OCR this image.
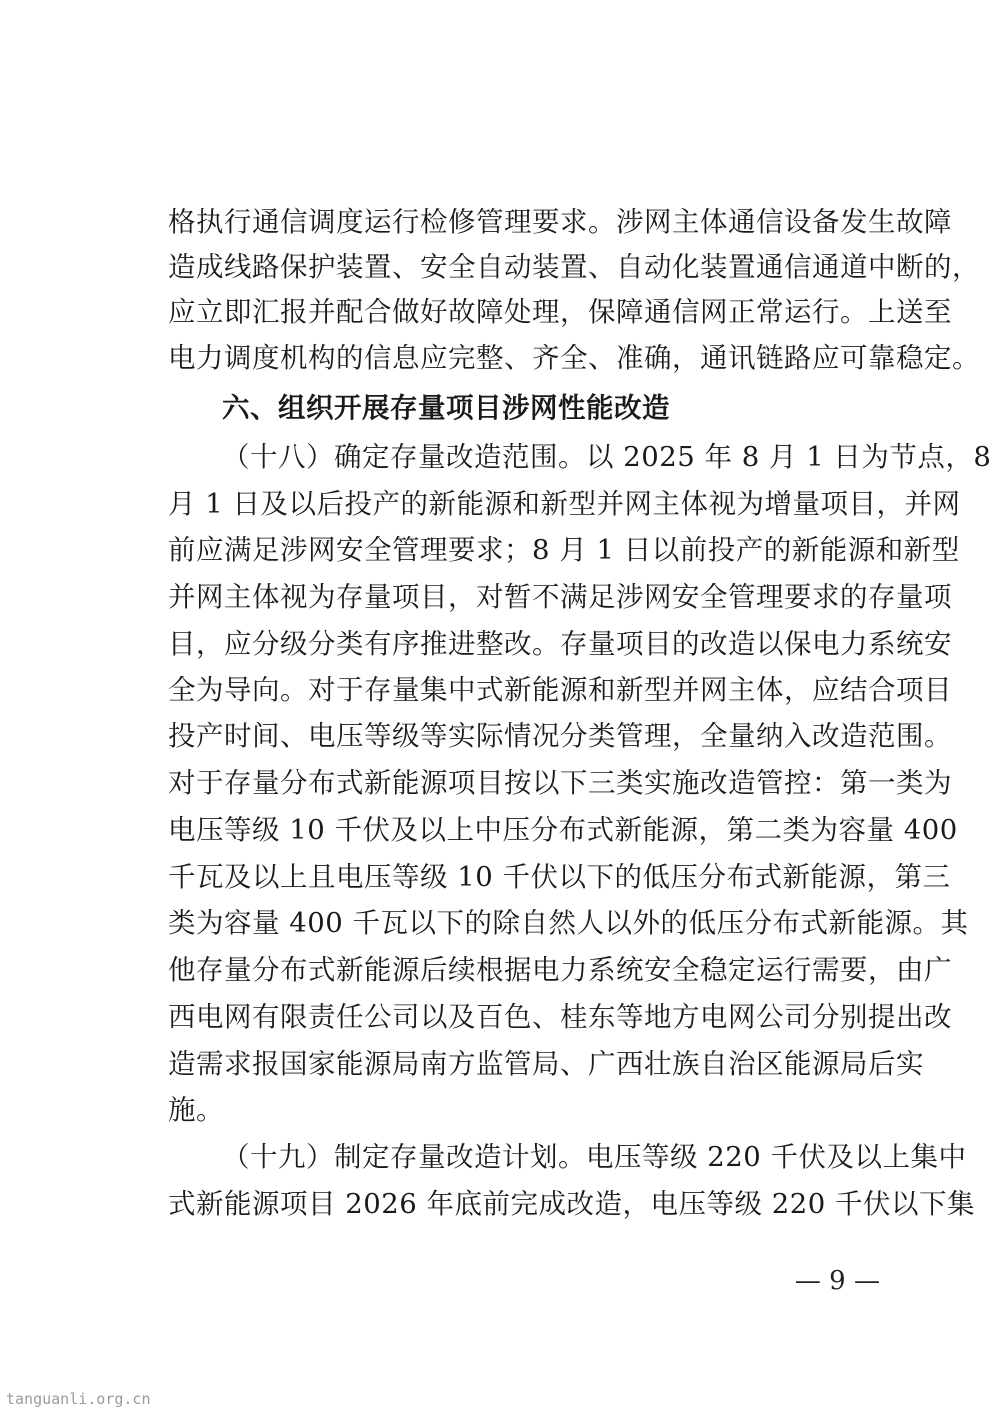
格执行通信调度运行检修管理要求。涉网主体通信设备发生故障
造成线路保护装置、安全自动装置、自动化装置通信通道中断的，
应立即汇报并配合做好故障处理，保障通信网正常运行。上送至
电力调度机构的信息应完整、齐全、准确，通讯链路应可靠稳定。
六、组织开展存量项目涉网性能改造
（十八）确定存量改造范围。以 2025 年 8 月 1 日为节点，8
月 1 日及以后投产的新能源和新型并网主体视为增量项目，并网
前应满足涉网安全管理要求；8 月 1 日以前投产的新能源和新型
并网主体视为存量项目，对暂不满足涉网安全管理要求的存量项
目，应分级分类有序推进整改。存量项目的改造以保电力系统安
全为导向。对于存量集中式新能源和新型并网主体，应结合项目
投产时间、电压等级等实际情况分类管理，全量纳入改造范围。
对于存量分布式新能源项目按以下三类实施改造管控：第一类为
电压等级 10 千伏及以上中压分布式新能源，第二类为容量 400
千瓦及以上且电压等级 10 千伏以下的低压分布式新能源，第三
类为容量 400 千瓦以下的除自然人以外的低压分布式新能源。其
他存量分布式新能源后续根据电力系统安全稳定运行需要，由广
西电网有限责任公司以及百色、桂东等地方电网公司分别提出改
造需求报国家能源局南方监管局、广西壮族自治区能源局后实
施。
（十九）制定存量改造计划。电压等级 220 千伏及以上集中
式新能源项目 2026 年底前完成改造，电压等级 220 千伏以下集
— 9 —
tanguanli.org.cn
